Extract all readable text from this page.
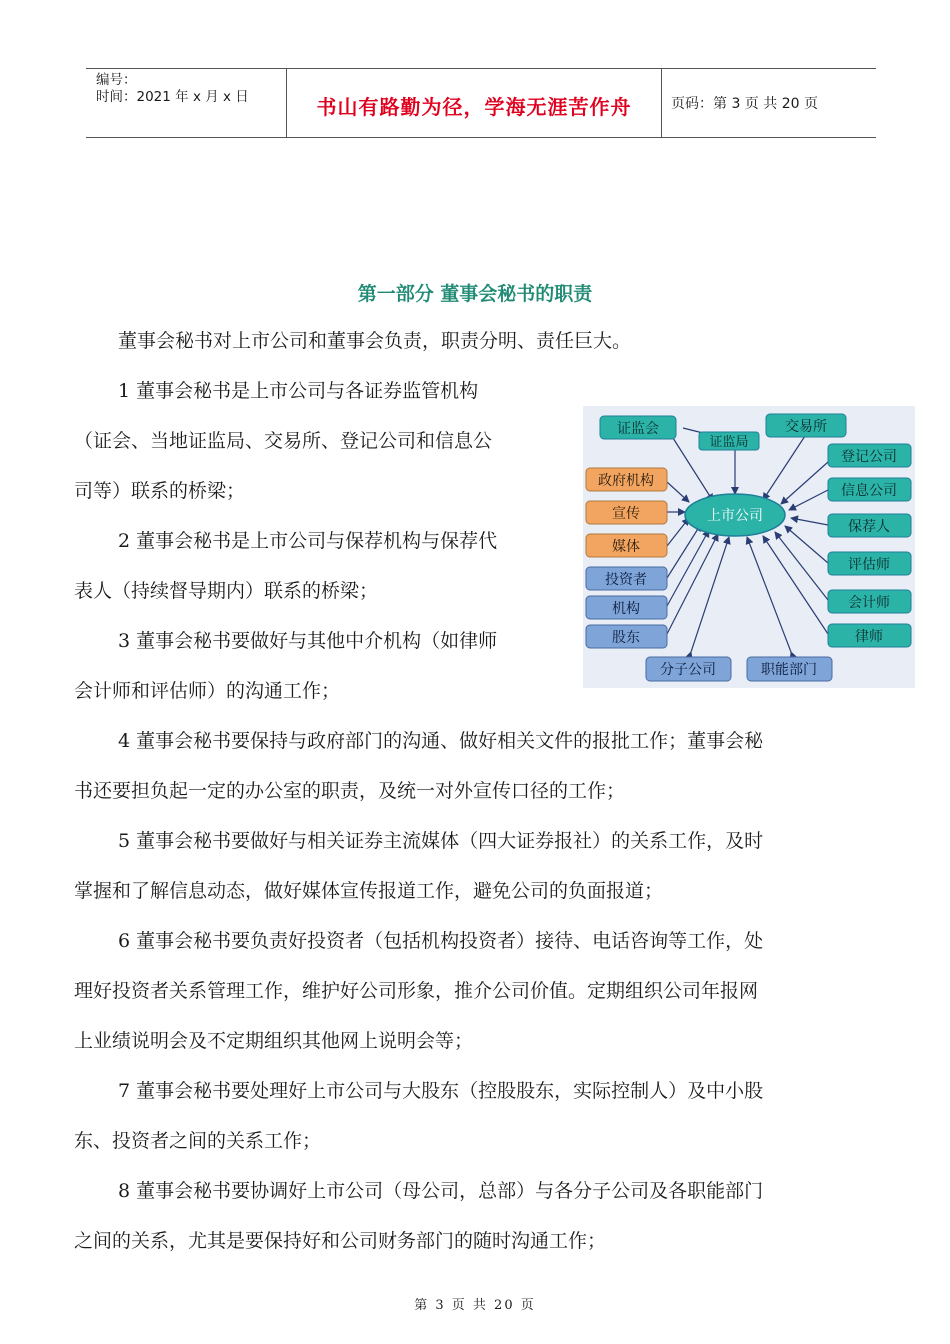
编号：
时间：2021 年 x 月 x 日	书山有路勤为径，学海无涯苦作舟	页码：第 3 页 共 20 页
第一部分 董事会秘书的职责

董事会秘书对上市公司和董事会负责，职责分明、责任巨大。

1 董事会秘书是上市公司与各证券监管机构
（证会、当地证监局、交易所、登记公司和信息公
司等）联系的桥梁；

2 董事会秘书是上市公司与保荐机构与保荐代
表人（持续督导期内）联系的桥梁；

3 董事会秘书要做好与其他中介机构（如律师
会计师和评估师）的沟通工作；

4 董事会秘书要保持与政府部门的沟通、做好相关文件的报批工作；董事会秘
书还要担负起一定的办公室的职责，及统一对外宣传口径的工作；

5 董事会秘书要做好与相关证券主流媒体（四大证券报社）的关系工作，及时
掌握和了解信息动态，做好媒体宣传报道工作，避免公司的负面报道；

6 董事会秘书要负责好投资者（包括机构投资者）接待、电话咨询等工作，处
理好投资者关系管理工作，维护好公司形象，推介公司价值。定期组织公司年报网
上业绩说明会及不定期组织其他网上说明会等；

7 董事会秘书要处理好上市公司与大股东（控股股东，实际控制人）及中小股
东、投资者之间的关系工作；

8 董事会秘书要协调好上市公司（母公司，总部）与各分子公司及各职能部门
之间的关系，尤其是要保持好和公司财务部门的随时沟通工作；

上市公司
证监会
证监局
交易所
登记公司
信息公司
保荐人
评估师
会计师
律师
政府机构
宣传
媒体
投资者
机构
股东
分子公司	职能部门
第 3 页 共 20 页
